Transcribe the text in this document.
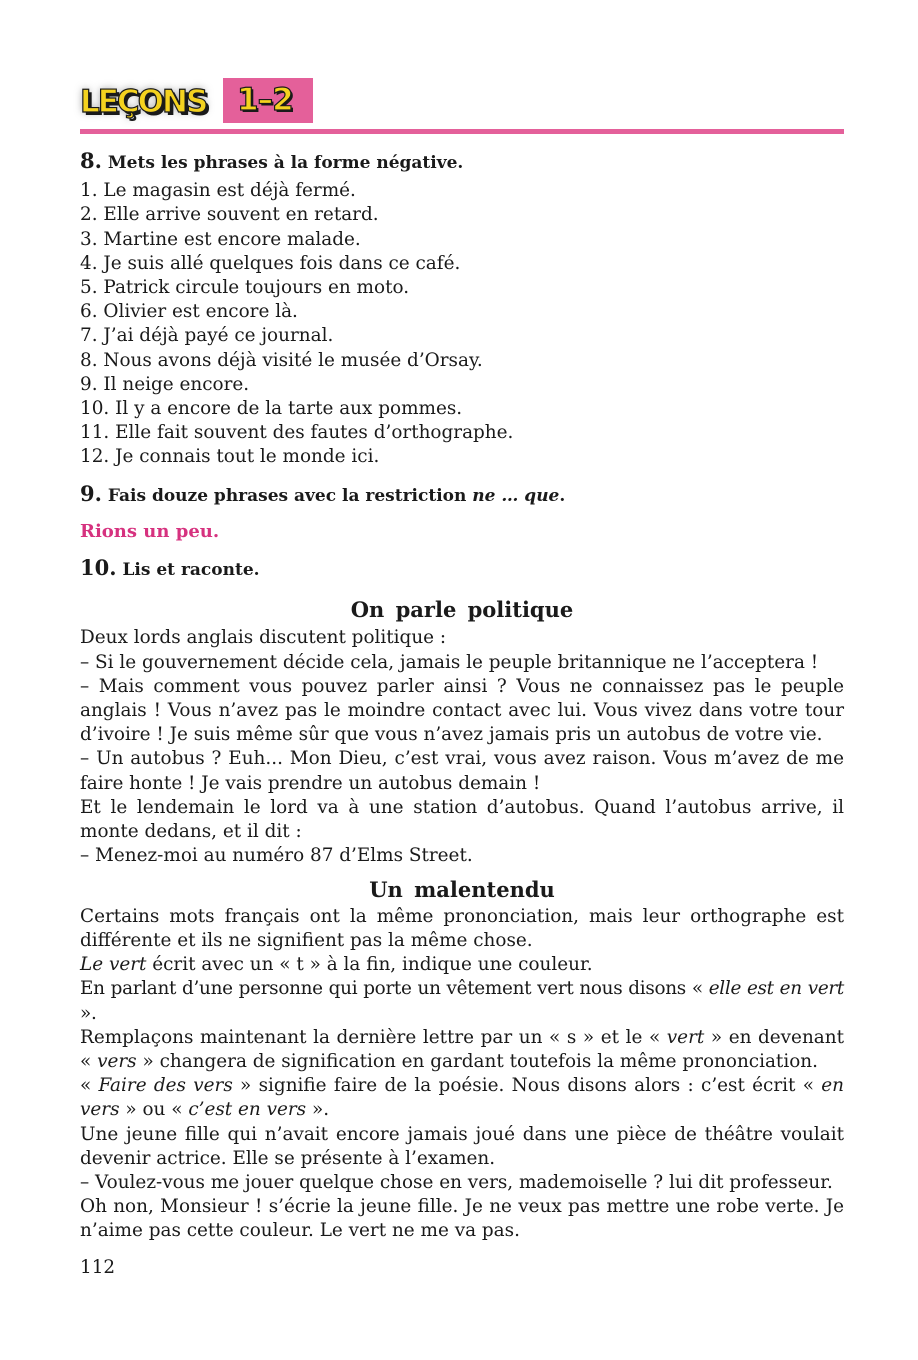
LEÇONS 1–2

8. Mets les phrases à la forme négative.

1. Le magasin est déjà fermé.
2. Elle arrive souvent en retard.
3. Martine est encore malade.
4. Je suis allé quelques fois dans ce café.
5. Patrick circule toujours en moto.
6. Olivier est encore là.
7. J’ai déjà payé ce journal.
8. Nous avons déjà visité le musée d’Orsay.
9. Il neige encore.
10. Il y a encore de la tarte aux pommes.
11. Elle fait souvent des fautes d’orthographe.
12. Je connais tout le monde ici.

9. Fais douze phrases avec la restriction ne … que.

Rions un peu.

10. Lis et raconte.

On parle politique

Deux lords anglais discutent politique :

– Si le gouvernement décide cela, jamais le peuple britannique ne l’acceptera !

– Mais comment vous pouvez parler ainsi ? Vous ne connaissez pas le peuple anglais ! Vous n’avez pas le moindre contact avec lui. Vous vivez dans votre tour d’ivoire ! Je suis même sûr que vous n’avez jamais pris un autobus de votre vie.

– Un autobus ? Euh... Mon Dieu, c’est vrai, vous avez raison. Vous m’avez de me faire honte ! Je vais prendre un autobus demain !

Et le lendemain le lord va à une station d’autobus. Quand l’autobus arrive, il monte dedans, et il dit :

– Menez-moi au numéro 87 d’Elms Street.

Un malentendu

Certains mots français ont la même prononciation, mais leur orthographe est différente et ils ne signifient pas la même chose.

Le vert écrit avec un « t » à la fin, indique une couleur.

En parlant d’une personne qui porte un vêtement vert nous disons « elle est en vert ».

Remplaçons maintenant la dernière lettre par un « s » et le « vert » en devenant « vers » changera de signification en gardant toutefois la même prononciation.

« Faire des vers » signifie faire de la poésie. Nous disons alors : c’est écrit « en vers » ou « c’est en vers ».

Une jeune fille qui n’avait encore jamais joué dans une pièce de théâtre voulait devenir actrice. Elle se présente à l’examen.

– Voulez-vous me jouer quelque chose en vers, mademoiselle ? lui dit professeur.

Oh non, Monsieur ! s’écrie la jeune fille. Je ne veux pas mettre une robe verte. Je n’aime pas cette couleur. Le vert ne me va pas.

112
